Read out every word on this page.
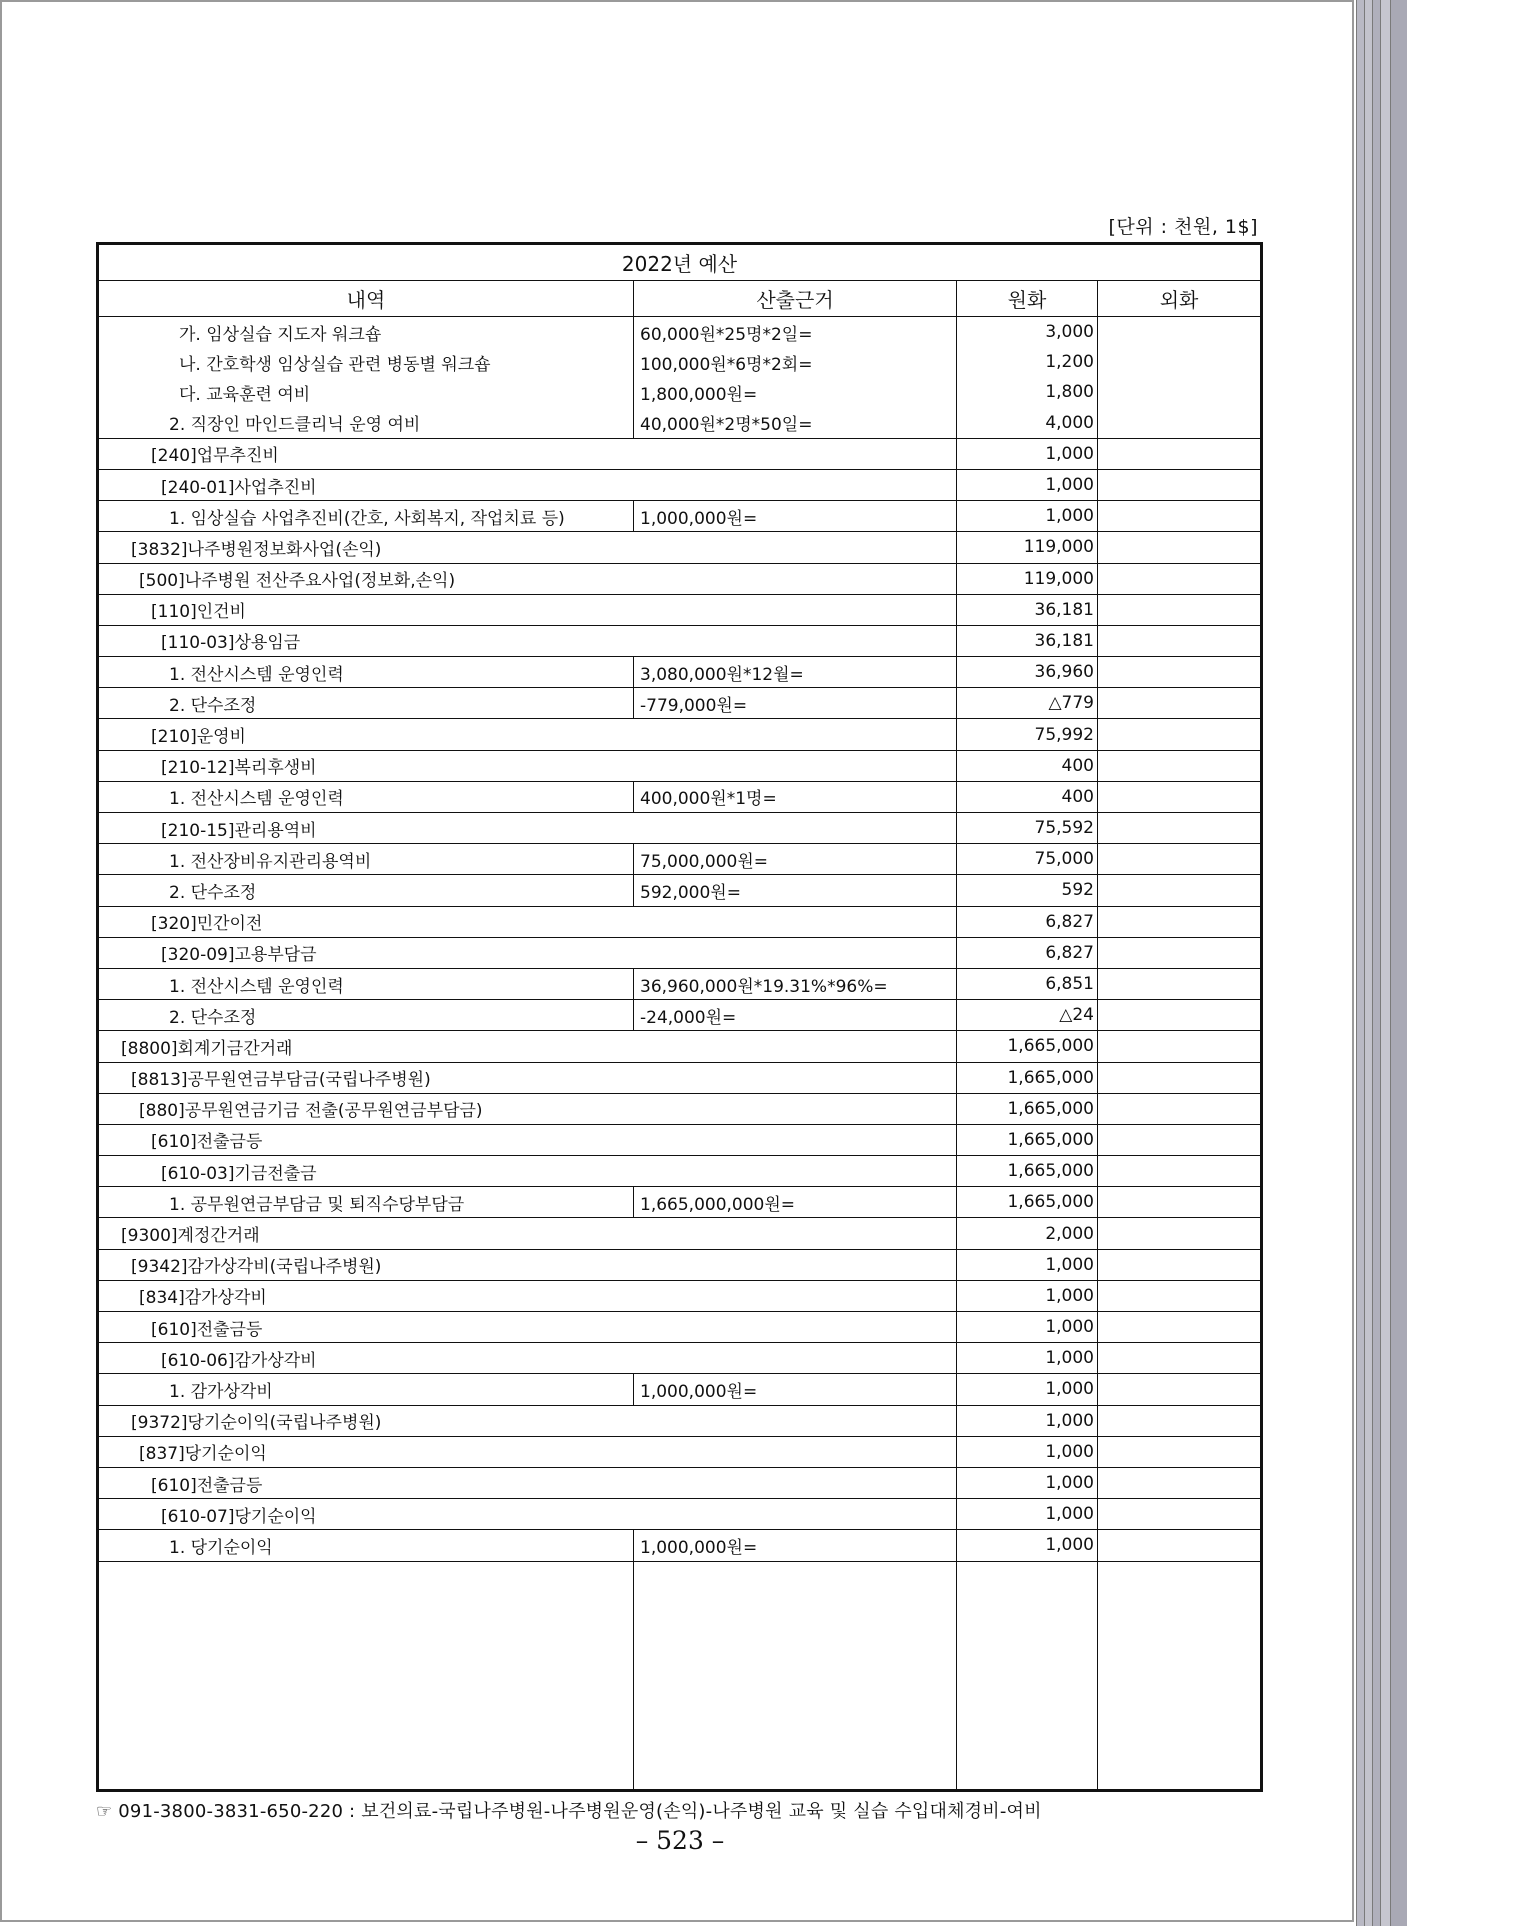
[단위 : 천원, 1$]
2022년 예산			
내역	산출근거	원화	외화
가. 임상실습 지도자 워크숍	60,000원*25명*2일=	3,000	
나. 간호학생 임상실습 관련 병동별 워크숍	100,000원*6명*2회=	1,200	
다. 교육훈련 여비	1,800,000원=	1,800	
2. 직장인 마인드클리닉 운영 여비	40,000원*2명*50일=	4,000	
[240]업무추진비		1,000	
[240-01]사업추진비		1,000	
1. 임상실습 사업추진비(간호, 사회복지, 작업치료 등)	1,000,000원=	1,000	
[3832]나주병원정보화사업(손익)		119,000	
[500]나주병원 전산주요사업(정보화,손익)		119,000	
[110]인건비		36,181	
[110-03]상용임금		36,181	
1. 전산시스템 운영인력	3,080,000원*12월=	36,960	
2. 단수조정	-779,000원=	△779	
[210]운영비		75,992	
[210-12]복리후생비		400	
1. 전산시스템 운영인력	400,000원*1명=	400	
[210-15]관리용역비		75,592	
1. 전산장비유지관리용역비	75,000,000원=	75,000	
2. 단수조정	592,000원=	592	
[320]민간이전		6,827	
[320-09]고용부담금		6,827	
1. 전산시스템 운영인력	36,960,000원*19.31%*96%=	6,851	
2. 단수조정	-24,000원=	△24	
[8800]회계기금간거래		1,665,000	
[8813]공무원연금부담금(국립나주병원)		1,665,000	
[880]공무원연금기금 전출(공무원연금부담금)		1,665,000	
[610]전출금등		1,665,000	
[610-03]기금전출금		1,665,000	
1. 공무원연금부담금 및 퇴직수당부담금	1,665,000,000원=	1,665,000	
[9300]계정간거래		2,000	
[9342]감가상각비(국립나주병원)		1,000	
[834]감가상각비		1,000	
[610]전출금등		1,000	
[610-06]감가상각비		1,000	
1. 감가상각비	1,000,000원=	1,000	
[9372]당기순이익(국립나주병원)		1,000	
[837]당기순이익		1,000	
[610]전출금등		1,000	
[610-07]당기순이익		1,000	
1. 당기순이익	1,000,000원=	1,000	

☞ 091-3800-3831-650-220 : 보건의료-국립나주병원-나주병원운영(손익)-나주병원 교육 및 실습 수입대체경비-여비
– 523 –
